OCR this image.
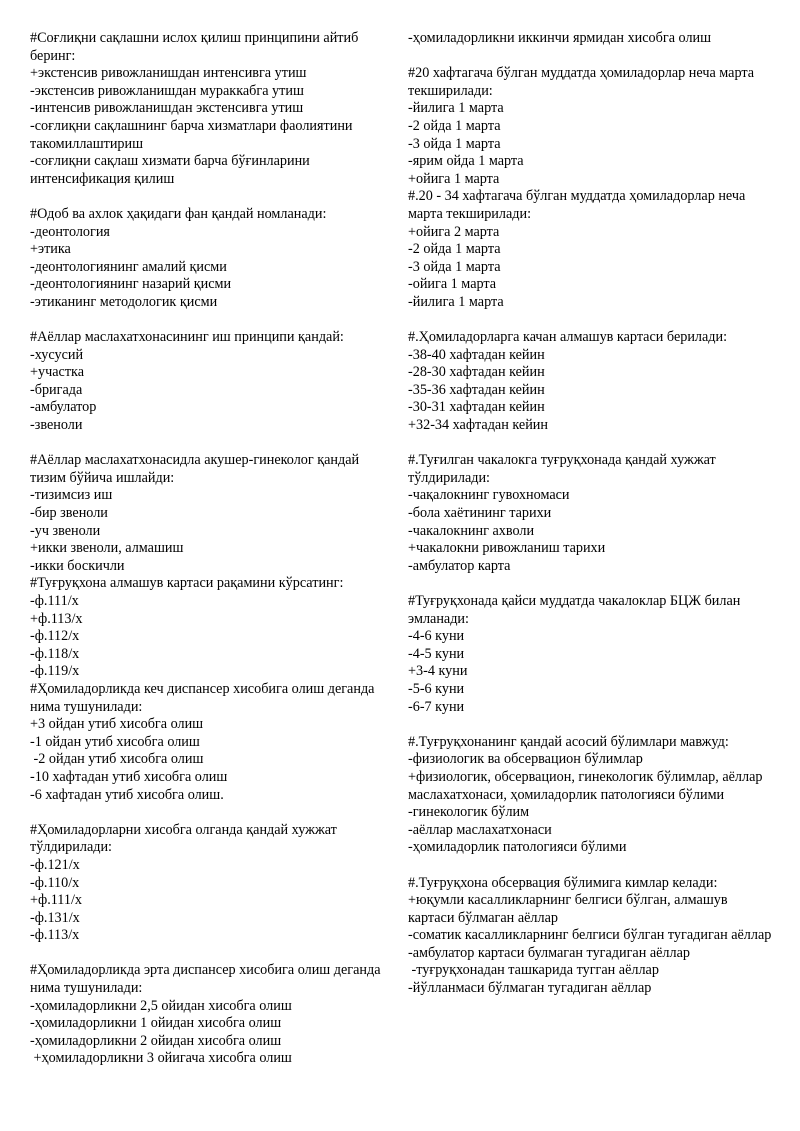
#Соғлиқни сақлашни ислох қилиш принципини айтиб беринг:
+экстенсив ривожланишдан интенсивга утиш
-экстенсив ривожланишдан мураккабга утиш
-интенсив ривожланишдан экстенсивга утиш
-соғлиқни сақлашнинг барча хизматлари фаолиятини такомиллаштириш
-соғлиқни сақлаш хизмати барча бўғинларини интенсификация қилиш
#Одоб ва ахлок ҳақидаги фан қандай номланади:
-деонтология
+этика
-деонтологиянинг амалий қисми
-деонтологиянинг назарий қисми
-этиканинг методологик қисми
#Аёллар маслахатхонасининг иш принципи қандай:
-хусусий
+участка
-бригада
-амбулатор
-звеноли
#Аёллар маслахатхонасидла акушер-гинеколог қандай тизим бўйича ишлайди:
-тизимсиз иш
-бир звеноли
-уч звеноли
+икки звеноли, алмашиш
-икки боскичли
#Туғруқхона алмашув картаси рақамини кўрсатинг:
-ф.111/х
+ф.113/х
-ф.112/х
-ф.118/х
-ф.119/х
#Ҳомиладорликда кеч диспансер хисобига олиш деганда нима тушунилади:
+3 ойдан утиб хисобга олиш
-1 ойдан утиб хисобга олиш
-2 ойдан утиб хисобга олиш
-10 хафтадан утиб хисобга олиш
-6 хафтадан утиб хисобга олиш.
#Ҳомиладорларни хисобга олганда қандай хужжат тўлдирилади:
-ф.121/х
-ф.110/х
+ф.111/х
-ф.131/х
-ф.113/х
#Ҳомиладорликда эрта диспансер хисобига олиш деганда нима тушунилади:
-ҳомиладорликни 2,5 ойидан хисобга олиш
-ҳомиладорликни 1 ойидан хисобга олиш
-ҳомиладорликни 2 ойидан хисобга олиш
+ҳомиладорликни 3 ойигача хисобга олиш
-ҳомиладорликни иккинчи ярмидан хисобга олиш
#20 хафтагача бўлган муддатда ҳомиладорлар неча марта текширилади:
-йилига 1 марта
-2 ойда 1 марта
-3 ойда 1 марта
-ярим ойда 1 марта
+ойига 1 марта
#.20 - 34 хафтагача бўлган муддатда ҳомиладорлар неча марта текширилади:
+ойига 2 марта
-2 ойда 1 марта
-3 ойда 1 марта
-ойига 1 марта
-йилига 1 марта
#.Ҳомиладорларга качан алмашув картаси берилади:
-38-40 хафтадан кейин
-28-30 хафтадан кейин
-35-36 хафтадан кейин
-30-31 хафтадан кейин
+32-34 хафтадан кейин
#.Туғилган чакалокга туғруқхонада қандай хужжат тўлдирилади:
-чақалокнинг гувохномаси
-бола хаётининг тарихи
-чакалокнинг ахволи
+чакалокни ривожланиш тарихи
-амбулатор карта
#Туғруқхонада қайси муддатда чакалоклар БЦЖ билан эмланади:
-4-6 куни
-4-5 куни
+3-4 куни
-5-6 куни
-6-7 куни
#.Туғруқхонанинг қандай асосий бўлимлари мавжуд:
-физиологик ва обсервацион бўлимлар
+физиологик, обсервацион, гинекологик бўлимлар, аёллар маслахатхонаси, ҳомиладорлик патологияси бўлими
-гинекологик бўлим
-аёллар маслахатхонаси
-ҳомиладорлик патологияси бўлими
#.Туғруқхона обсервация бўлимига кимлар келади:
+юқумли касалликларнинг белгиси бўлган, алмашув картаси бўлмаган аёллар
-соматик касалликларнинг белгиси бўлган тугадиган аёллар
-амбулатор картаси булмаган тугадиган аёллар
-туғруқхонадан ташкарида тугган аёллар
-йўлланмаси бўлмаган тугадиган аёллар
